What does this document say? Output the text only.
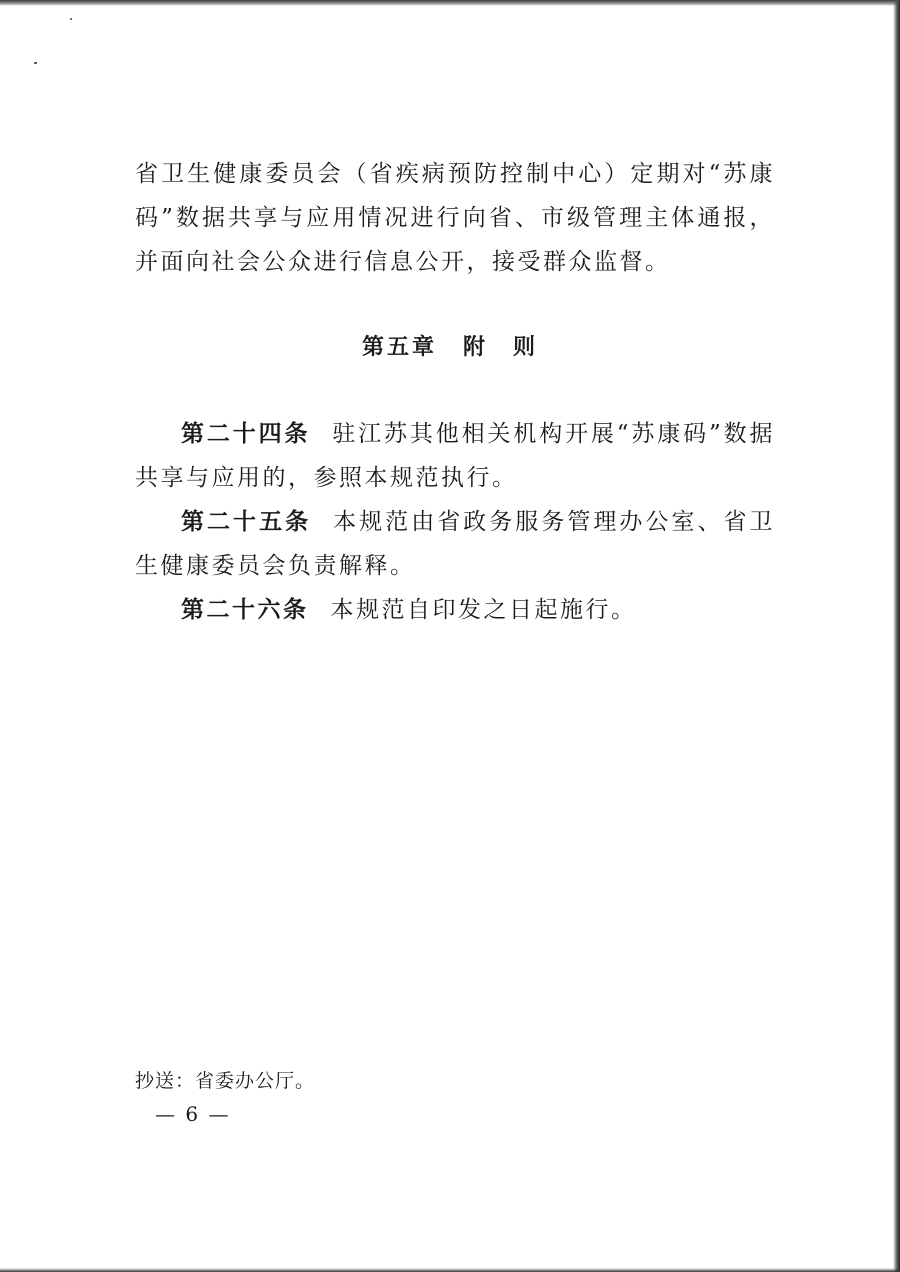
省卫生健康委员会（省疾病预防控制中心）定期对“苏康码”数据共享与应用情况进行向省、市级管理主体通报，并面向社会公众进行信息公开，接受群众监督。

第五章 附　则

第二十四条 驻江苏其他相关机构开展“苏康码”数据共享与应用的，参照本规范执行。

第二十五条 本规范由省政务服务管理办公室、省卫生健康委员会负责解释。

第二十六条 本规范自印发之日起施行。

抄送：省委办公厅。
— 6 —
